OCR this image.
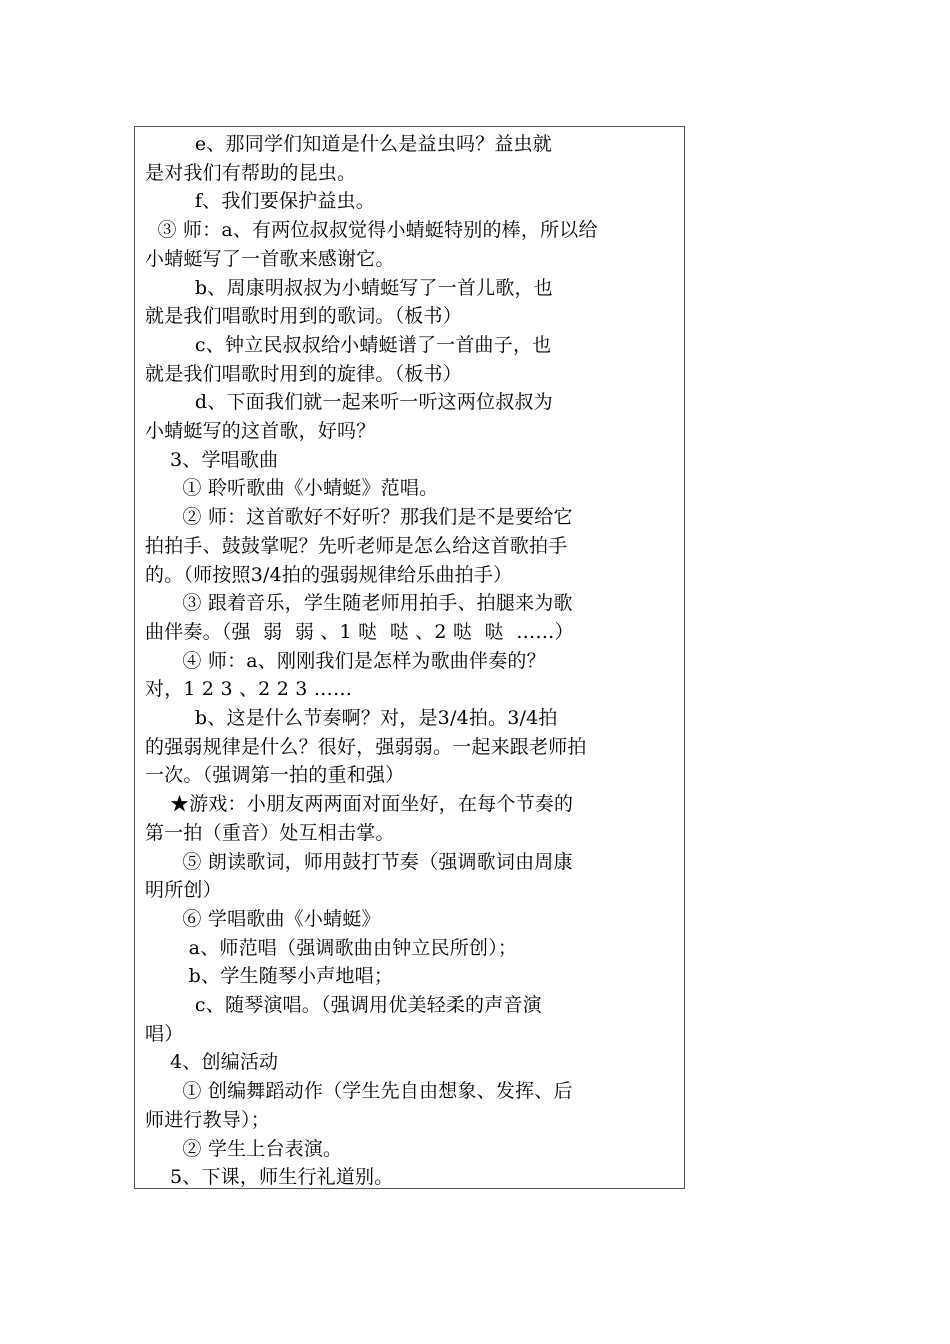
e、那同学们知道是什么是益虫吗？益虫就
是对我们有帮助的昆虫。
f、我们要保护益虫。
③ 师：a、有两位叔叔觉得小蜻蜓特别的棒，所以给
小蜻蜓写了一首歌来感谢它。
b、周康明叔叔为小蜻蜓写了一首儿歌，也
就是我们唱歌时用到的歌词。（板书）
c、钟立民叔叔给小蜻蜓谱了一首曲子，也
就是我们唱歌时用到的旋律。（板书）
d、下面我们就一起来听一听这两位叔叔为
小蜻蜓写的这首歌，好吗？
3、学唱歌曲
① 聆听歌曲《小蜻蜓》范唱。
② 师：这首歌好不好听？那我们是不是要给它
拍拍手、鼓鼓掌呢？先听老师是怎么给这首歌拍手
的。（师按照3/4拍的强弱规律给乐曲拍手）
③ 跟着音乐，学生随老师用拍手、拍腿来为歌
曲伴奏。（强  弱  弱 、1 哒  哒 、2 哒  哒  ……）
④ 师：a、刚刚我们是怎样为歌曲伴奏的？
对，1 2 3 、2 2 3 ……
b、这是什么节奏啊？对，是3/4拍。3/4拍
的强弱规律是什么？很好，强弱弱。一起来跟老师拍
一次。（强调第一拍的重和强）
★游戏：小朋友两两面对面坐好，在每个节奏的
第一拍（重音）处互相击掌。
⑤ 朗读歌词，师用鼓打节奏（强调歌词由周康
明所创）
⑥ 学唱歌曲《小蜻蜓》
a、师范唱（强调歌曲由钟立民所创）；
b、学生随琴小声地唱；
c、随琴演唱。（强调用优美轻柔的声音演
唱）
4、创编活动
① 创编舞蹈动作（学生先自由想象、发挥、后
师进行教导）；
② 学生上台表演。
5、下课，师生行礼道别。
